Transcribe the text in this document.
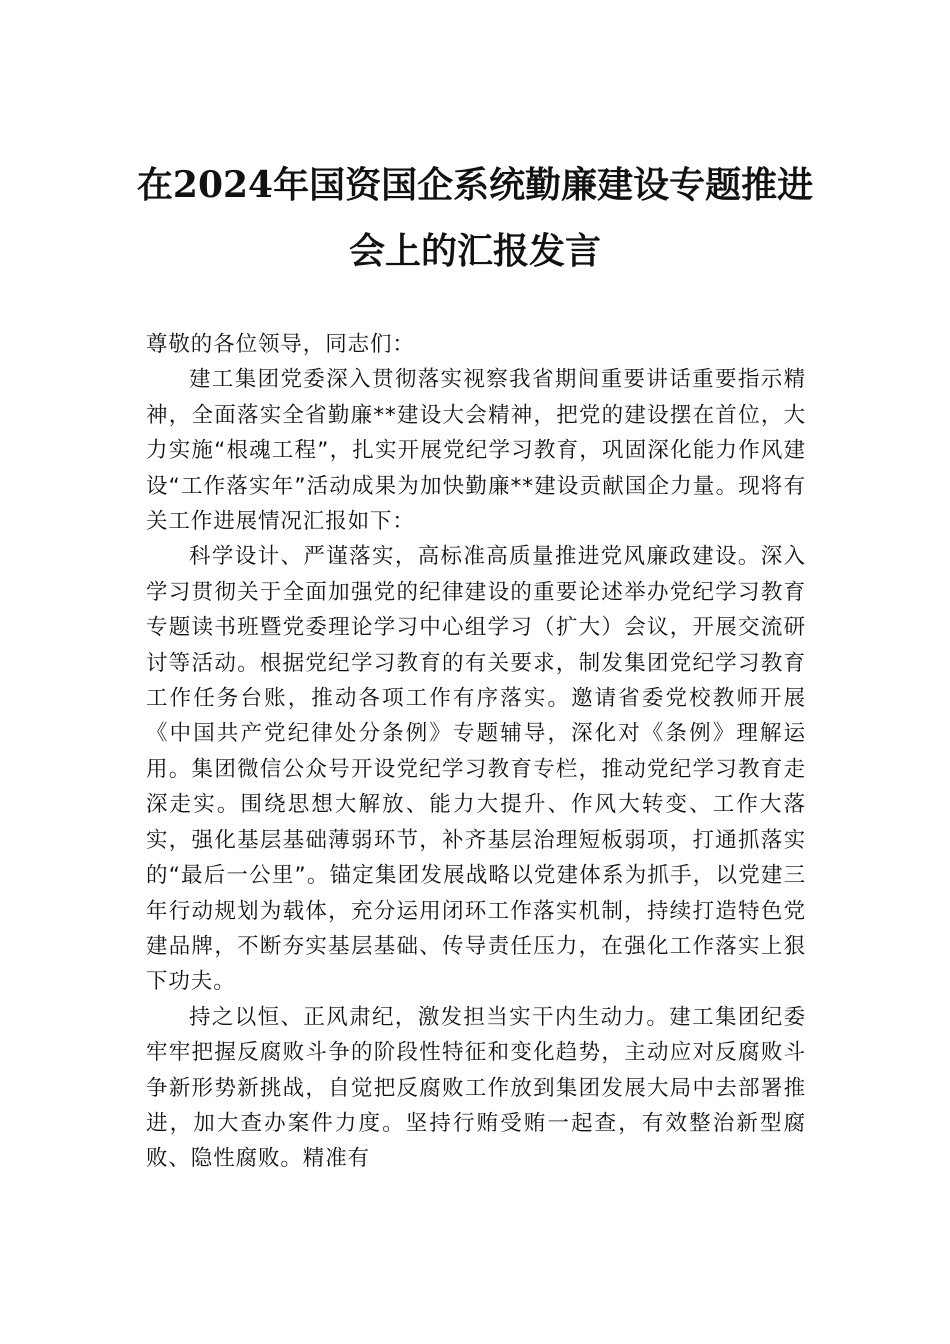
在2024年国资国企系统勤廉建设专题推进
会上的汇报发言

尊敬的各位领导，同志们：

建工集团党委深入贯彻落实视察我省期间重要讲话重要指示精神，全面落实全省勤廉**建设大会精神，把党的建设摆在首位，大力实施“根魂工程”，扎实开展党纪学习教育，巩固深化能力作风建设“工作落实年”活动成果为加快勤廉**建设贡献国企力量。现将有关工作进展情况汇报如下：

科学设计、严谨落实，高标准高质量推进党风廉政建设。深入学习贯彻关于全面加强党的纪律建设的重要论述举办党纪学习教育专题读书班暨党委理论学习中心组学习（扩大）会议，开展交流研讨等活动。根据党纪学习教育的有关要求，制发集团党纪学习教育工作任务台账，推动各项工作有序落实。邀请省委党校教师开展《中国共产党纪律处分条例》专题辅导，深化对《条例》理解运用。集团微信公众号开设党纪学习教育专栏，推动党纪学习教育走深走实。围绕思想大解放、能力大提升、作风大转变、工作大落实，强化基层基础薄弱环节，补齐基层治理短板弱项，打通抓落实的“最后一公里”。锚定集团发展战略以党建体系为抓手，以党建三年行动规划为载体，充分运用闭环工作落实机制，持续打造特色党建品牌，不断夯实基层基础、传导责任压力，在强化工作落实上狠下功夫。

持之以恒、正风肃纪，激发担当实干内生动力。建工集团纪委牢牢把握反腐败斗争的阶段性特征和变化趋势，主动应对反腐败斗争新形势新挑战，自觉把反腐败工作放到集团发展大局中去部署推进，加大查办案件力度。坚持行贿受贿一起查，有效整治新型腐败、隐性腐败。精准有
